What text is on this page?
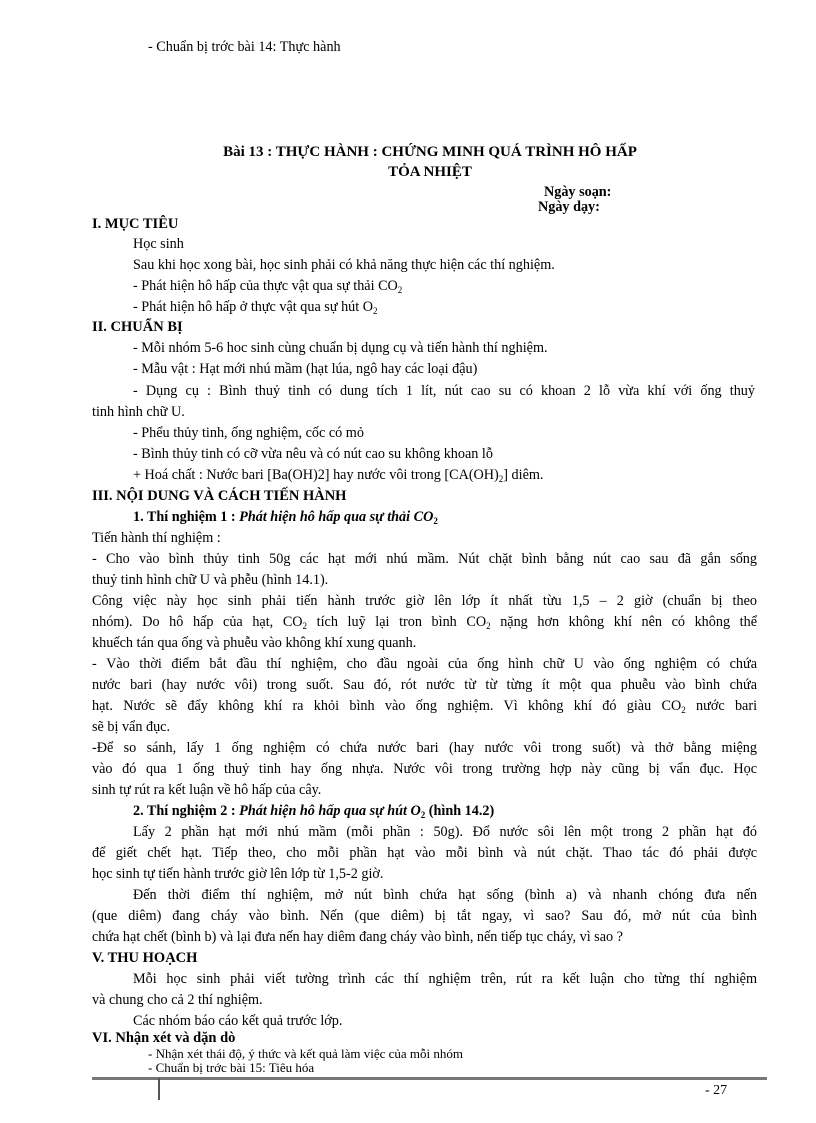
- Chuẩn bị trớc bài 14: Thực hành
Bài 13 : THỰC HÀNH : CHỨNG MINH QUÁ TRÌNH HÔ HẤP
TỎA NHIỆT
Ngày soạn:
Ngày dạy:
I. MỤC TIÊU
Học sinh
Sau khi học xong bài, học sinh phải có khả năng thực hiện các thí nghiệm.
- Phát hiện hô hấp của thực vật qua sự thải $CO_2$
- Phát hiện hô hấp ở thực vật qua sự hút $O_2$
II. CHUẨN BỊ
- Mỗi nhóm 5-6 hoc sinh cùng chuẩn bị dụng cụ và tiến hành thí nghiệm.
- Mẫu vật : Hạt mới nhú mầm (hạt lúa, ngô hay các loại đậu)
- Dụng cụ : Bình thuỷ tinh có dung tích 1 lít, nút cao su có khoan 2 lỗ vừa khí với ống thuỷ
tinh hình chữ U.
- Phểu thủy tinh, ống nghiệm, cốc có mỏ
- Bình thủy tinh có cỡ vừa nêu và có nút cao su không khoan lỗ
+ Hoá chất : Nước bari [Ba(OH)2] hay nước vôi trong $[CA(OH)_2]$ diêm.
III. NỘI DUNG VÀ CÁCH TIẾN HÀNH
1. Thí nghiệm 1 : Phát hiện hô hấp qua sự thải $CO_2$
Tiến hành thí nghiệm :
- Cho vào bình thủy tinh 50g các hạt mới nhú mầm. Nút chặt bình bằng nút cao sau đã gắn sống
thuỷ tinh hình chữ U và phễu (hình 14.1).
Công việc này học sinh phải tiến hành trước giờ lên lớp ít nhất từu 1,5 – 2 giờ (chuẩn bị theo
nhóm). Do hô hấp của hạt, $CO_2$ tích luỹ lại tron bình $CO_2$ nặng hơn không khí nên có không thể
khuếch tán qua ống và phuễu vào không khí xung quanh.
- Vào thời điểm bắt đầu thí nghiệm, cho đầu ngoài của ống hình chữ U vào ống nghiệm có chứa
nước bari (hay nước vôi) trong suốt. Sau đó, rót nước từ từ từng ít một qua phuễu vào bình chứa
hạt. Nước sẽ đẩy không khí ra khỏi bình vào ống nghiệm. Vì không khí đó giàu $CO_2$ nước bari
sẽ bị vẩn đục.
-Để so sánh, lấy 1 ống nghiệm có chứa nước bari (hay nước vôi trong suốt) và thở bằng miệng
vào đó qua 1 ống thuỷ tinh hay ống nhựa. Nước vôi trong trường hợp này cũng bị vẩn đục. Học
sinh tự rút ra kết luận về hô hấp của cây.
2. Thí nghiệm 2 : Phát hiện hô hấp qua sự hút $O_2$ (hình 14.2)
Lấy 2 phần hạt mới nhú mầm (mỗi phần : 50g). Đổ nước sôi lên một trong 2 phần hạt đó
để giết chết hạt. Tiếp theo, cho mỗi phần hạt vào mỗi bình và nút chặt. Thao tác đó phải được
học sinh tự tiến hành trước giờ lên lớp từ 1,5-2 giờ.
Đến thời điểm thí nghiệm, mở nút bình chứa hạt sống (bình a) và nhanh chóng đưa nến
(que diêm) đang cháy vào bình. Nến (que diêm) bị tắt ngay, vì sao? Sau đó, mở nút của bình
chứa hạt chết (bình b) và lại đưa nến hay diêm đang cháy vào bình, nến tiếp tục cháy, vì sao ?
V. THU HOẠCH
Mỗi học sinh phải viết tường trình các thí nghiệm trên, rút ra kết luận cho từng thí nghiệm
và chung cho cả 2 thí nghiệm.
Các nhóm báo cáo kết quả trước lớp.
VI. Nhận xét và dặn dò
- Nhận xét thái độ, ý thức và kết quả làm việc của mỗi nhóm
- Chuẩn bị trớc bài 15: Tiêu hóa
- 27
